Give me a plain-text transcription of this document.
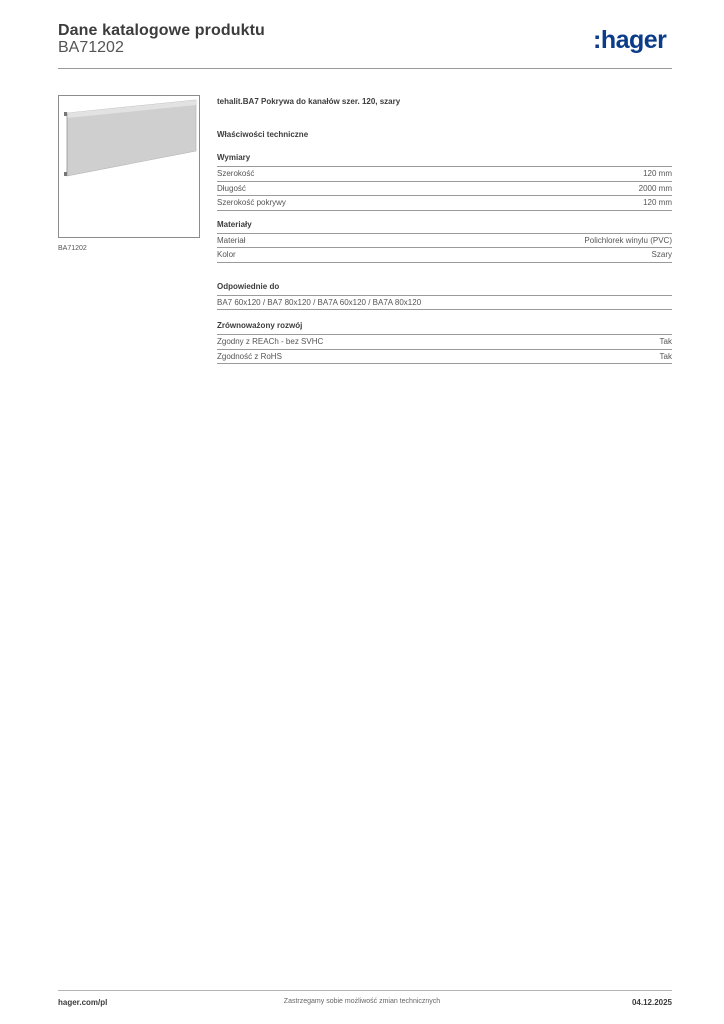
Dane katalogowe produktu
BA71202	:hager
BA71202
tehalit.BA7 Pokrywa do kanałów szer. 120, szary
Właściwości techniczne
Wymiary
Szerokość	120 mm
Długość	2000 mm
Szerokość pokrywy	120 mm
Materiały
Materiał	Polichlorek winylu (PVC)
Kolor	Szary
Odpowiednie do
BA7 60x120 / BA7 80x120 / BA7A 60x120 / BA7A 80x120
Zrównoważony rozwój
Zgodny z REACh - bez SVHC	Tak
Zgodność z RoHS	Tak
hager.com/pl	Zastrzegamy sobie możliwość zmian technicznych	04.12.2025
